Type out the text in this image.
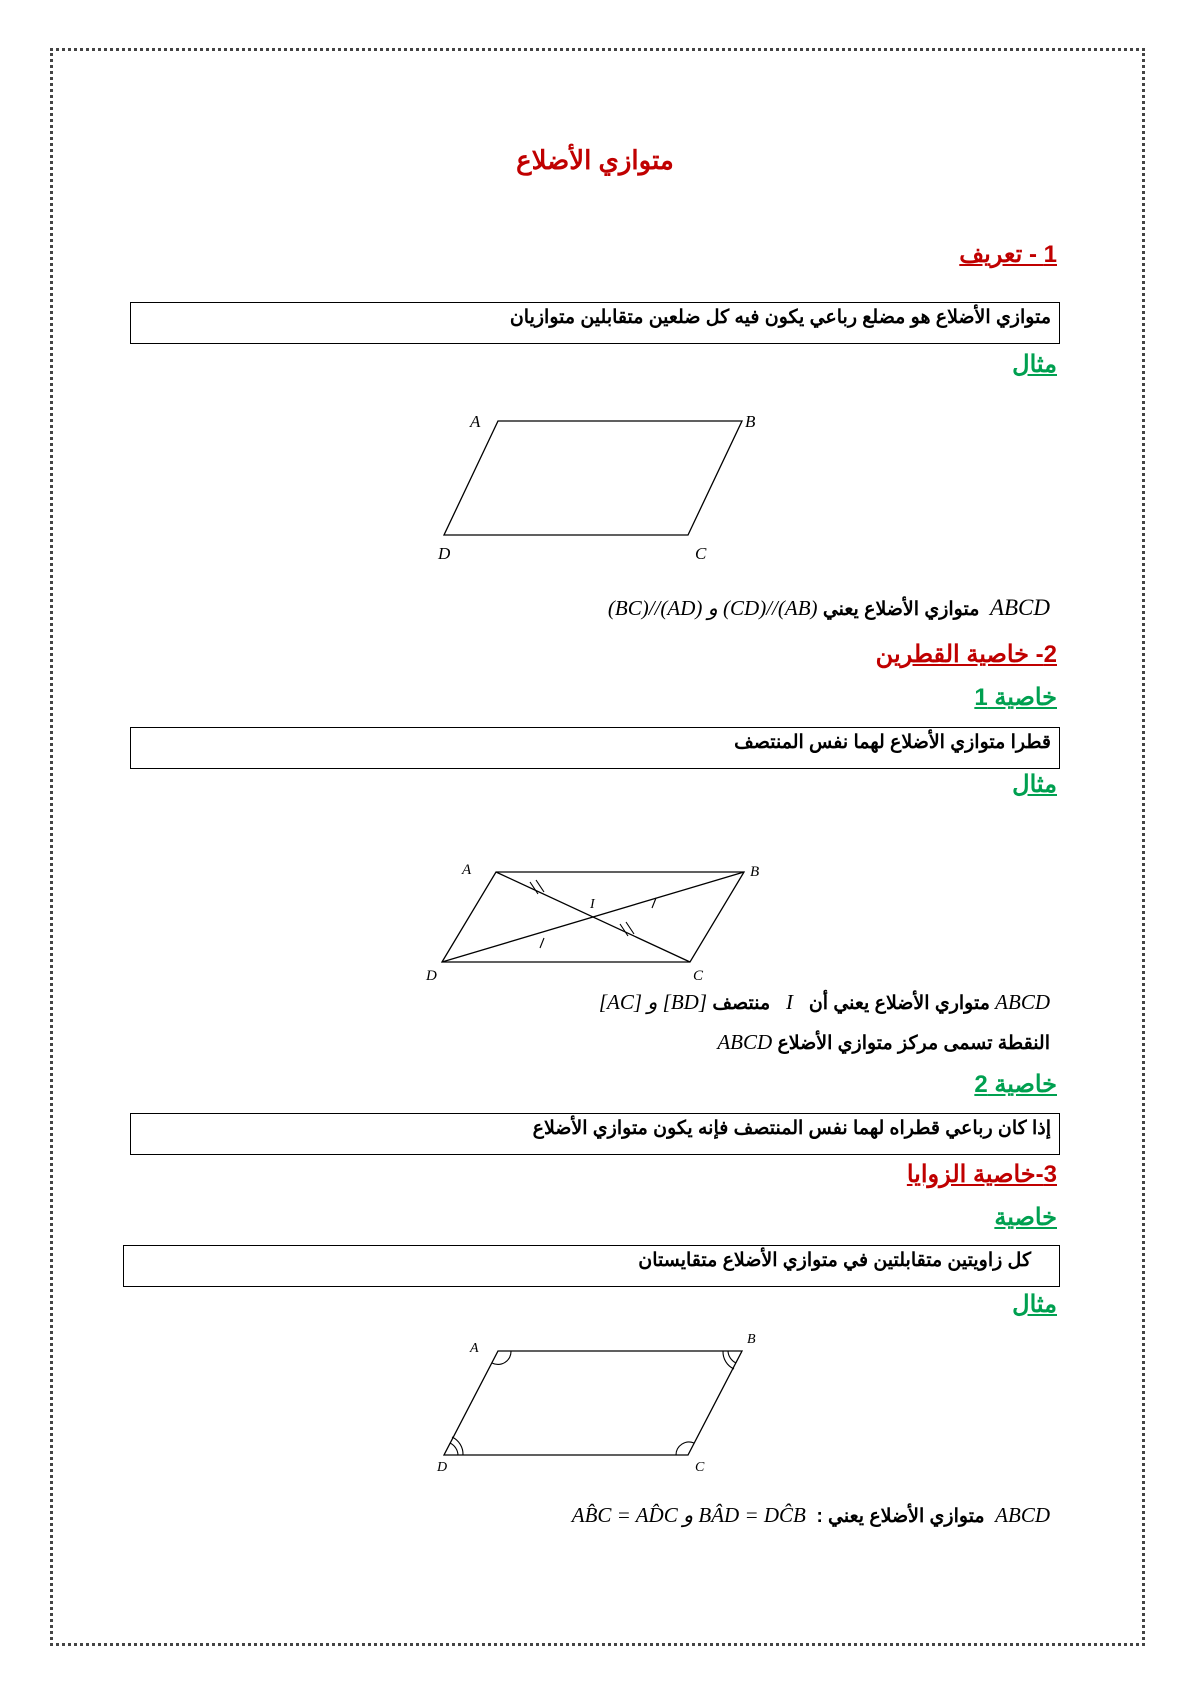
متوازي الأضلاع
1 - تعريف
متوازي الأضلاع هو مضلع رباعي يكون فيه كل ضلعين متقابلين متوازيان
مثال
A	B
C
D
ABCD  متوازي الأضلاع يعني (AB)//(CD) و (AD)//(BC)
2- خاصية القطرين
خاصية 1
قطرا متوازي الأضلاع لهما نفس المنتصف
مثال
I
A	B
C
D
ABCD متواري الأضلاع يعني أن   I   منتصف [BD] و [AC]
النقطة تسمى مركز متوازي الأضلاع ABCD
خاصية 2
إذا كان رباعي قطراه لهما نفس المنتصف فإنه يكون متوازي الأضلاع
3-خاصية الزوايا
خاصية
كل زاويتين متقابلتين في متوازي الأضلاع متقايستان
مثال
A
B
C
D
ABCD  متوازي الأضلاع يعني :  BÂD = DĈB و AB̂C = AD̂C
